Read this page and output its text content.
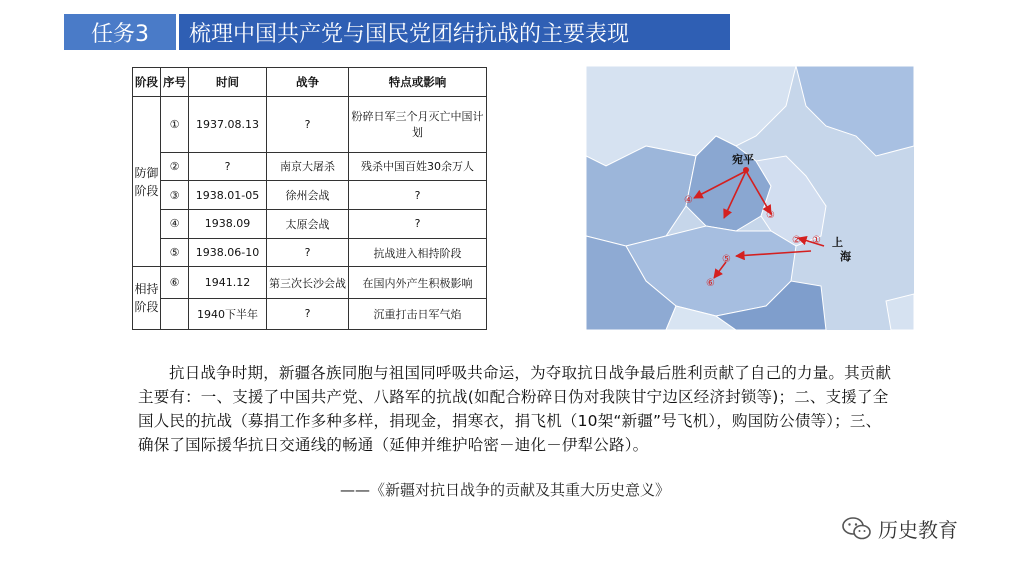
任务3	梳理中国共产党与国民党团结抗战的主要表现
阶段	序号	时间	战争	特点或影响
防御阶段	①	1937.08.13	?	粉碎日军三个月灭亡中国计划
	②	?	南京大屠杀	残杀中国百姓30余万人
	③	1938.01-05	徐州会战	?
	④	1938.09	太原会战	?
	⑤	1938.06-10	?	抗战进入相持阶段
相持阶段	⑥	1941.12	第三次长沙会战	在国内外产生积极影响
		1940下半年	?	沉重打击日军气焰
宛平
①
②
③
④
⑤
⑥
上
海
抗日战争时期，新疆各族同胞与祖国同呼吸共命运，为夺取抗日战争最后胜利贡献了自己的力量。其贡献主要有：一、支援了中国共产党、八路军的抗战(如配合粉碎日伪对我陕甘宁边区经济封锁等)；二、支援了全国人民的抗战（募捐工作多种多样，捐现金，捐寒衣，捐飞机（10架“新疆”号飞机），购国防公债等）；三、确保了国际援华抗日交通线的畅通（延伸并维护哈密－迪化－伊犁公路）。
——《新疆对抗日战争的贡献及其重大历史意义》
历史教育
